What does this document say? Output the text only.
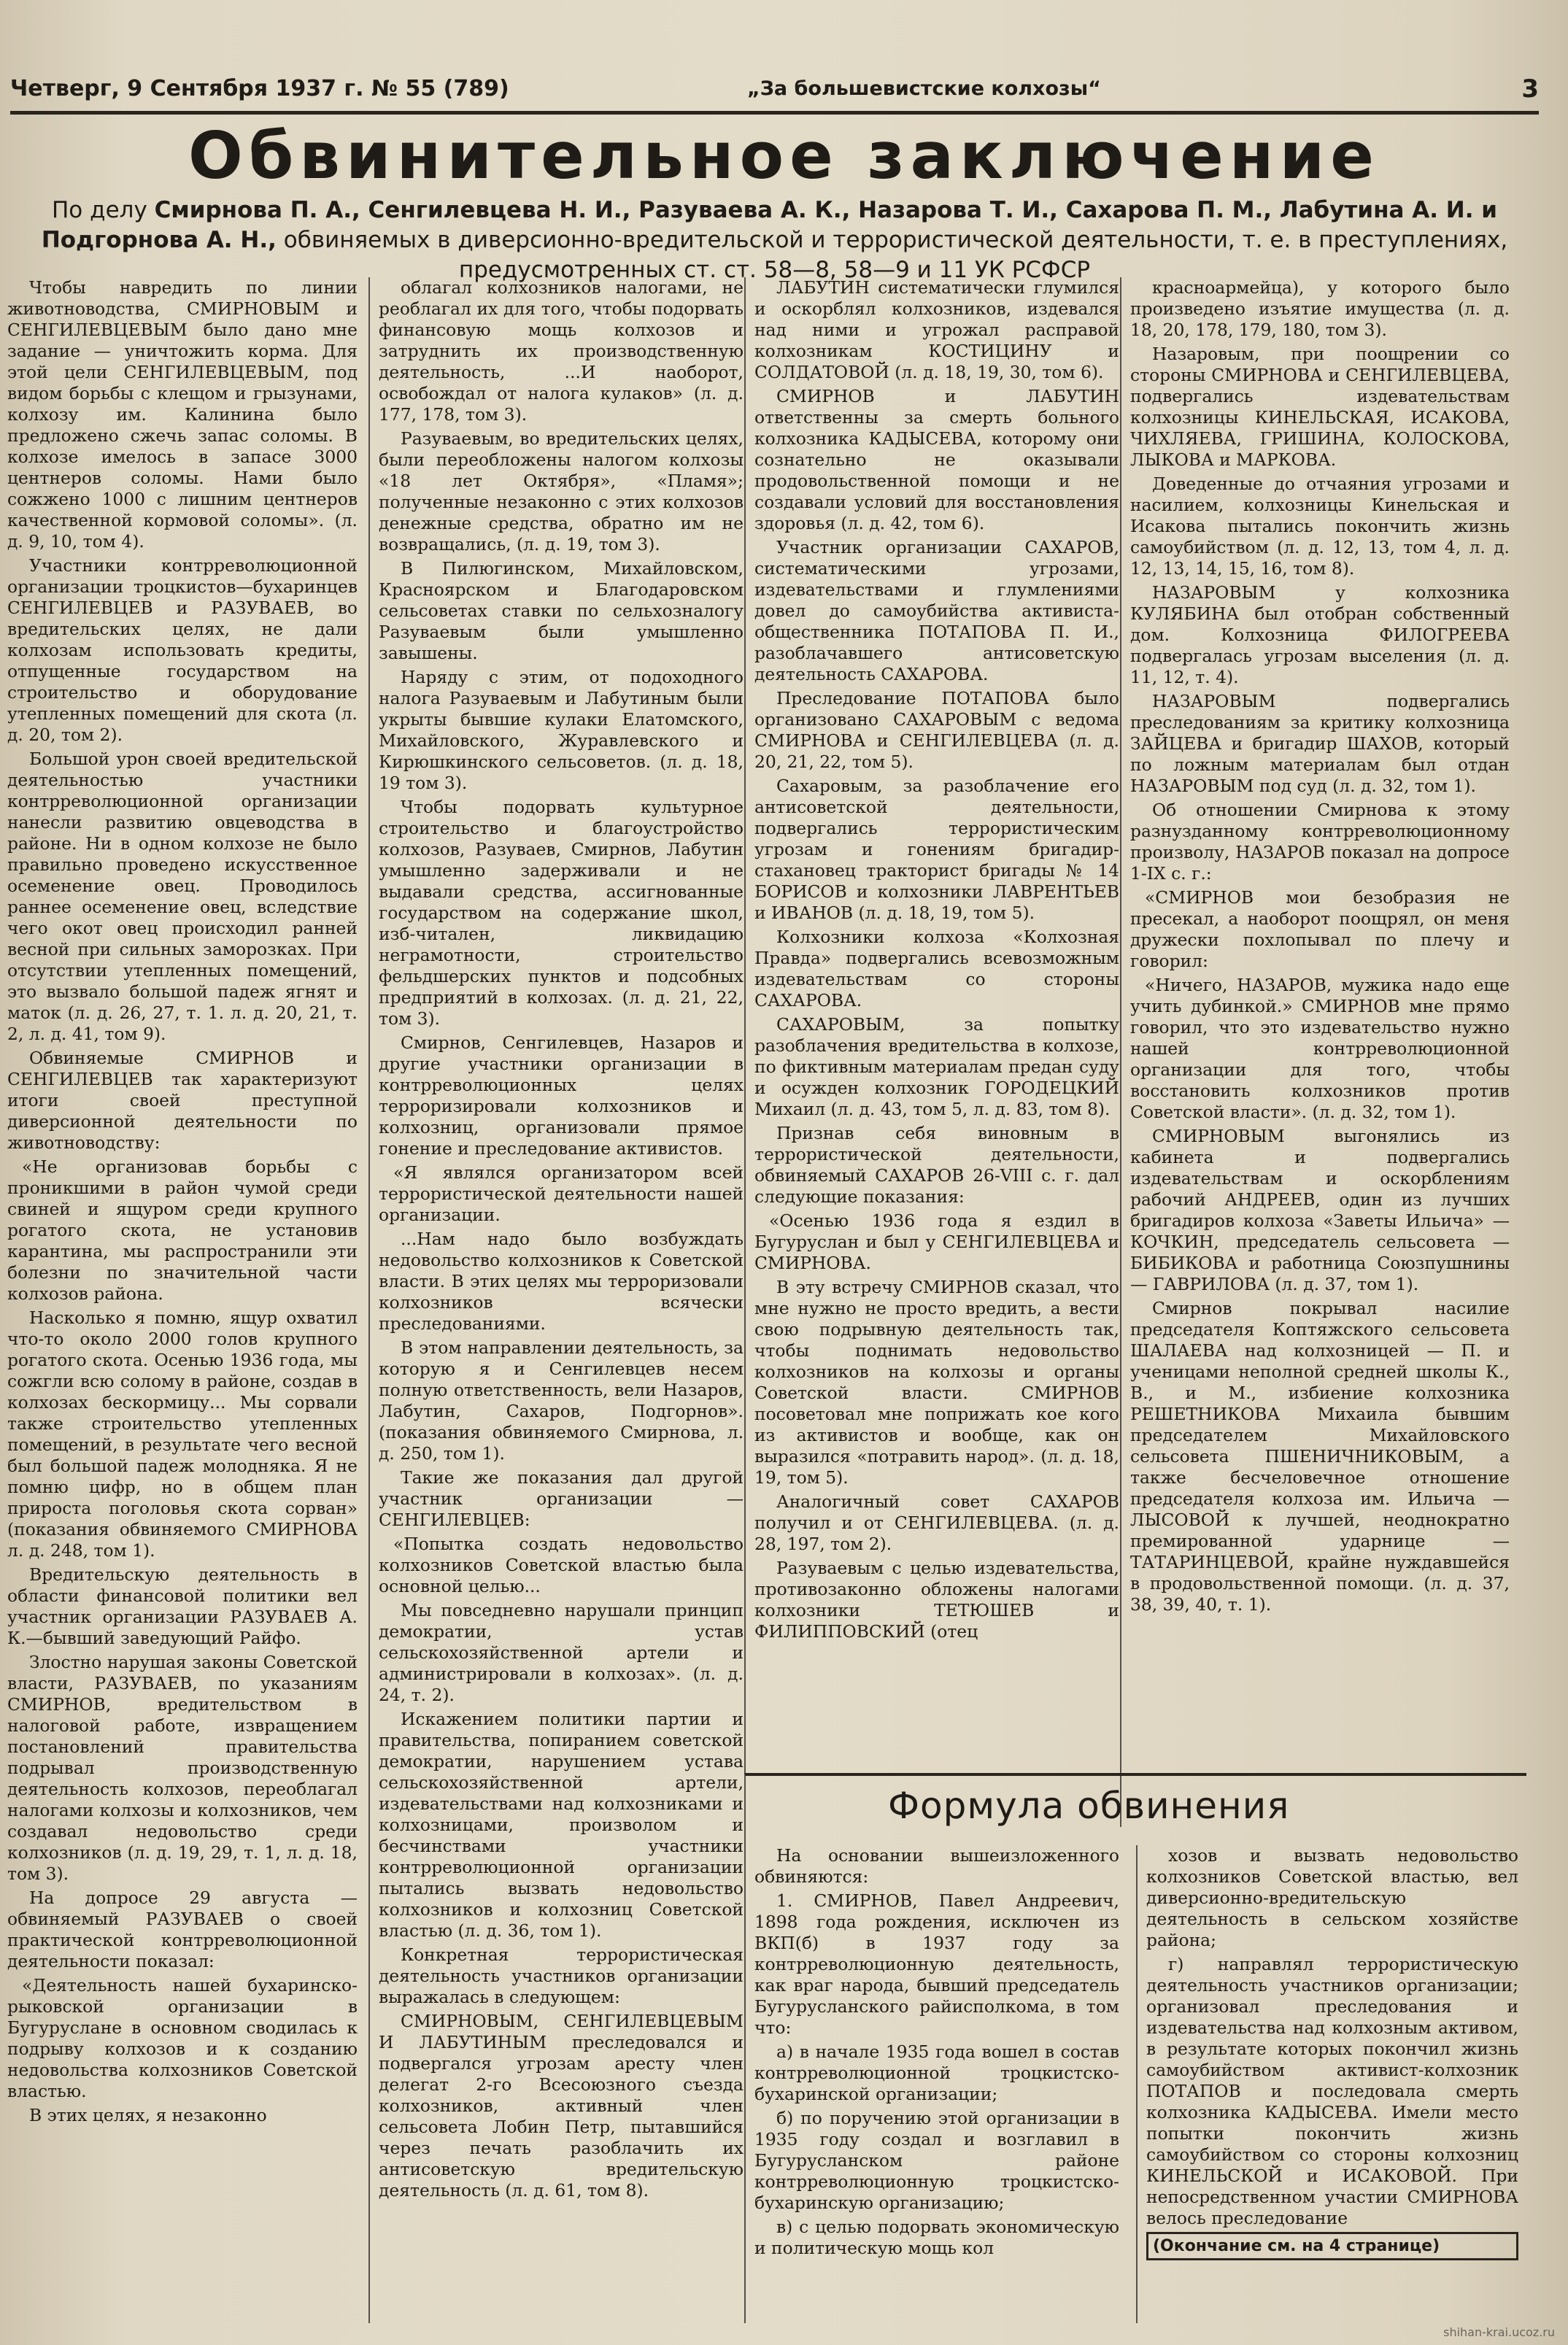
Четверг, 9 Сентября 1937 г. № 55 (789)	„За большевистские колхозы“	3
Обвинительное заключение
По делу Смирнова П. А., Сенгилевцева Н. И., Разуваева А. К., Назарова Т. И., Сахарова П. М., Лабутина А. И. и Подгорнова А. Н., обвиняемых в диверсионно-вредительской и террористической деятельности, т. е. в преступлениях, предусмотренных ст. ст. 58—8, 58—9 и 11 УК РСФСР

Чтобы навредить по линии животноводства, СМИРНОВЫМ и СЕНГИЛЕВЦЕВЫМ было дано мне задание — уничтожить корма. Для этой цели СЕНГИЛЕВЦЕВЫМ, под видом борьбы с клещом и грызунами, колхозу им. Калинина было предложено сжечь запас соломы. В колхозе имелось в запасе 3000 центнеров соломы. Нами было сожжено 1000 с лишним центнеров качественной кормовой соломы». (л. д. 9, 10, том 4).

Участники контрреволюционной организации троцкистов—бухаринцев СЕНГИЛЕВЦЕВ и РАЗУВАЕВ, во вредительских целях, не дали колхозам использовать кредиты, отпущенные государством на строительство и оборудование утепленных помещений для скота (л. д. 20, том 2).

Большой урон своей вредительской деятельностью участники контрреволюционной организации нанесли развитию овцеводства в районе. Ни в одном колхозе не было правильно проведено искусственное осеменение овец. Проводилось раннее осеменение овец, вследствие чего окот овец происходил ранней весной при сильных заморозках. При отсутствии утепленных помещений, это вызвало большой падеж ягнят и маток (л. д. 26, 27, т. 1. л. д. 20, 21, т. 2, л. д. 41, том 9).

Обвиняемые СМИРНОВ и СЕНГИЛЕВЦЕВ так характеризуют итоги своей преступной диверсионной деятельности по животноводству:

«Не организовав борьбы с проникшими в район чумой среди свиней и ящуром среди крупного рогатого скота, не установив карантина, мы распространили эти болезни по значительной части колхозов района.

Насколько я помню, ящур охватил что-то около 2000 голов крупного рогатого скота. Осенью 1936 года, мы сожгли всю солому в районе, создав в колхозах бескормицу... Мы сорвали также строительство утепленных помещений, в результате чего весной был большой падеж молодняка. Я не помню цифр, но в общем план прироста поголовья скота сорван» (показания обвиняемого СМИРНОВА л. д. 248, том 1).

Вредительскую деятельность в области финансовой политики вел участник организации РАЗУВАЕВ А. К.—бывший заведующий Райфо.

Злостно нарушая законы Советской власти, РАЗУВАЕВ, по указаниям СМИРНОВ, вредительством в налоговой работе, извращением постановлений правительства подрывал производственную деятельность колхозов, переоблагал налогами колхозы и колхозников, чем создавал недовольство среди колхозников (л. д. 19, 29, т. 1, л. д. 18, том 3).

На допросе 29 августа — обвиняемый РАЗУВАЕВ о своей практической контрреволюционной деятельности показал:

«Деятельность нашей бухаринско-рыковской организации в Бугуруслане в основном сводилась к подрыву колхозов и к созданию недовольства колхозников Советской властью.

В этих целях, я незаконно

облагал колхозников налогами, не реоблагал их для того, чтобы подорвать финансовую мощь колхозов и затруднить их производственную деятельность, ...И наоборот, освобождал от налога кулаков» (л. д. 177, 178, том 3).

Разуваевым, во вредительских целях, были переобложены налогом колхозы «18 лет Октября», «Пламя»; полученные незаконно с этих колхозов денежные средства, обратно им не возвращались, (л. д. 19, том 3).

В Пилюгинском, Михайловском, Красноярском и Благодаровском сельсоветах ставки по сельхозналогу Разуваевым были умышленно завышены.

Наряду с этим, от подоходного налога Разуваевым и Лабутиным были укрыты бывшие кулаки Елатомского, Михайловского, Журавлевского и Кирюшкинского сельсоветов. (л. д. 18, 19 том 3).

Чтобы подорвать культурное строительство и благоустройство колхозов, Разуваев, Смирнов, Лабутин умышленно задерживали и не выдавали средства, ассигнованные государством на содержание школ, изб-читален, ликвидацию неграмотности, строительство фельдшерских пунктов и подсобных предприятий в колхозах. (л. д. 21, 22, том 3).

Смирнов, Сенгилевцев, Назаров и другие участники организации в контрреволюционных целях терроризировали колхозников и колхозниц, организовали прямое гонение и преследование активистов.

«Я являлся организатором всей террористической деятельности нашей организации.

...Нам надо было возбуждать недовольство колхозников к Советской власти. В этих целях мы терроризовали колхозников всячески преследованиями.

В этом направлении деятельность, за которую я и Сенгилевцев несем полную ответственность, вели Назаров, Лабутин, Сахаров, Подгорнов». (показания обвиняемого Смирнова, л. д. 250, том 1).

Такие же показания дал другой участник организации — СЕНГИЛЕВЦЕВ:

«Попытка создать недовольство колхозников Советской властью была основной целью...

Мы повседневно нарушали принцип демократии, устав сельскохозяйственной артели и администрировали в колхозах». (л. д. 24, т. 2).

Искажением политики партии и правительства, попиранием советской демократии, нарушением устава сельскохозяйственной артели, издевательствами над колхозниками и колхозницами, произволом и бесчинствами участники контрреволюционной организации пытались вызвать недовольство колхозников и колхозниц Советской властью (л. д. 36, том 1).

Конкретная террористическая деятельность участников организации выражалась в следующем:

СМИРНОВЫМ, СЕНГИЛЕВЦЕВЫМ И ЛАБУТИНЫМ преследовался и подвергался угрозам аресту член делегат 2-го Всесоюзного съезда колхозников, активный член сельсовета Лобин Петр, пытавшийся через печать разоблачить их антисоветскую вредительскую деятельность (л. д. 61, том 8).

ЛАБУТИН систематически глумился и оскорблял колхозников, издевался над ними и угрожал расправой колхозникам КОСТИЦИНУ и СОЛДАТОВОЙ (л. д. 18, 19, 30, том 6).

СМИРНОВ и ЛАБУТИН ответственны за смерть больного колхозника КАДЫСЕВА, которому они сознательно не оказывали продовольственной помощи и не создавали условий для восстановления здоровья (л. д. 42, том 6).

Участник организации САХАРОВ, систематическими угрозами, издевательствами и глумлениями довел до самоубийства активиста-общественника ПОТАПОВА П. И., разоблачавшего антисоветскую деятельность САХАРОВА.

Преследование ПОТАПОВА было организовано САХАРОВЫМ с ведома СМИРНОВА и СЕНГИЛЕВЦЕВА (л. д. 20, 21, 22, том 5).

Сахаровым, за разоблачение его антисоветской деятельности, подвергались террористическим угрозам и гонениям бригадир-стахановец тракторист бригады № 14 БОРИСОВ и колхозники ЛАВРЕНТЬЕВ и ИВАНОВ (л. д. 18, 19, том 5).

Колхозники колхоза «Колхозная Правда» подвергались всевозможным издевательствам со стороны САХАРОВА.

САХАРОВЫМ, за попытку разоблачения вредительства в колхозе, по фиктивным материалам предан суду и осужден колхозник ГОРОДЕЦКИЙ Михаил (л. д. 43, том 5, л. д. 83, том 8).

Признав себя виновным в террористической деятельности, обвиняемый САХАРОВ 26-VIII с. г. дал следующие показания:

«Осенью 1936 года я ездил в Бугуруслан и был у СЕНГИЛЕВЦЕВА и СМИРНОВА.

В эту встречу СМИРНОВ сказал, что мне нужно не просто вредить, а вести свою подрывную деятельность так, чтобы поднимать недовольство колхозников на колхозы и органы Советской власти. СМИРНОВ посоветовал мне поприжать кое кого из активистов и вообще, как он выразился «потравить народ». (л. д. 18, 19, том 5).

Аналогичный совет САХАРОВ получил и от СЕНГИЛЕВЦЕВА. (л. д. 28, 197, том 2).

Разуваевым с целью издевательства, противозаконно обложены налогами колхозники ТЕТЮШЕВ и ФИЛИППОВСКИЙ (отец

красноармейца), у которого было произведено изъятие имущества (л. д. 18, 20, 178, 179, 180, том 3).

Назаровым, при поощрении со стороны СМИРНОВА и СЕНГИЛЕВЦЕВА, подвергались издевательствам колхозницы КИНЕЛЬСКАЯ, ИСАКОВА, ЧИХЛЯЕВА, ГРИШИНА, КОЛОСКОВА, ЛЫКОВА и МАРКОВА.

Доведенные до отчаяния угрозами и насилием, колхозницы Кинельская и Исакова пытались покончить жизнь самоубийством (л. д. 12, 13, том 4, л. д. 12, 13, 14, 15, 16, том 8).

НАЗАРОВЫМ у колхозника КУЛЯБИНА был отобран собственный дом. Колхозница ФИЛОГРЕЕВА подвергалась угрозам выселения (л. д. 11, 12, т. 4).

НАЗАРОВЫМ подвергались преследованиям за критику колхозница ЗАЙЦЕВА и бригадир ШАХОВ, который по ложным материалам был отдан НАЗАРОВЫМ под суд (л. д. 32, том 1).

Об отношении Смирнова к этому разнузданному контрреволюционному произволу, НАЗАРОВ показал на допросе 1-IX с. г.:

«СМИРНОВ мои безобразия не пресекал, а наоборот поощрял, он меня дружески похлопывал по плечу и говорил:

«Ничего, НАЗАРОВ, мужика надо еще учить дубинкой.» СМИРНОВ мне прямо говорил, что это издевательство нужно нашей контрреволюционной организации для того, чтобы восстановить колхозников против Советской власти». (л. д. 32, том 1).

СМИРНОВЫМ выгонялись из кабинета и подвергались издевательствам и оскорблениям рабочий АНДРЕЕВ, один из лучших бригадиров колхоза «Заветы Ильича» — КОЧКИН, председатель сельсовета — БИБИКОВА и работница Союзпушнины — ГАВРИЛОВА (л. д. 37, том 1).

Смирнов покрывал насилие председателя Коптяжского сельсовета ШАЛАЕВА над колхозницей — П. и ученицами неполной средней школы К., В., и М., избиение колхозника РЕШЕТНИКОВА Михаила бывшим председателем Михайловского сельсовета ПШЕНИЧНИКОВЫМ, а также бесчеловечное отношение председателя колхоза им. Ильича — ЛЫСОВОЙ к лучшей, неоднократно премированной ударнице — ТАТАРИНЦЕВОЙ, крайне нуждавшейся в продовольственной помощи. (л. д. 37, 38, 39, 40, т. 1).

Формула обвинения

На основании вышеизложенного обвиняются:

1. СМИРНОВ, Павел Андреевич, 1898 года рождения, исключен из ВКП(б) в 1937 году за контрреволюционную деятельность, как враг народа, бывший председатель Бугурусланского райисполкома, в том что:

а) в начале 1935 года вошел в состав контрреволюционной троцкистско-бухаринской организации;

б) по поручению этой организации в 1935 году создал и возглавил в Бугурусланском районе контрреволюционную троцкистско-бухаринскую организацию;

в) с целью подорвать экономическую и политическую мощь кол

хозов и вызвать недовольство колхозников Советской властью, вел диверсионно-вредительскую деятельность в сельском хозяйстве района;

г) направлял террористическую деятельность участников организации; организовал преследования и издевательства над колхозным активом, в результате которых покончил жизнь самоубийством активист-колхозник ПОТАПОВ и последовала смерть колхозника КАДЫСЕВА. Имели место попытки покончить жизнь самоубийством со стороны колхозниц КИНЕЛЬСКОЙ и ИСАКОВОЙ. При непосредственном участии СМИРНОВА велось преследование

(Окончание см. на 4 странице)

shihan-krai.ucoz.ru
